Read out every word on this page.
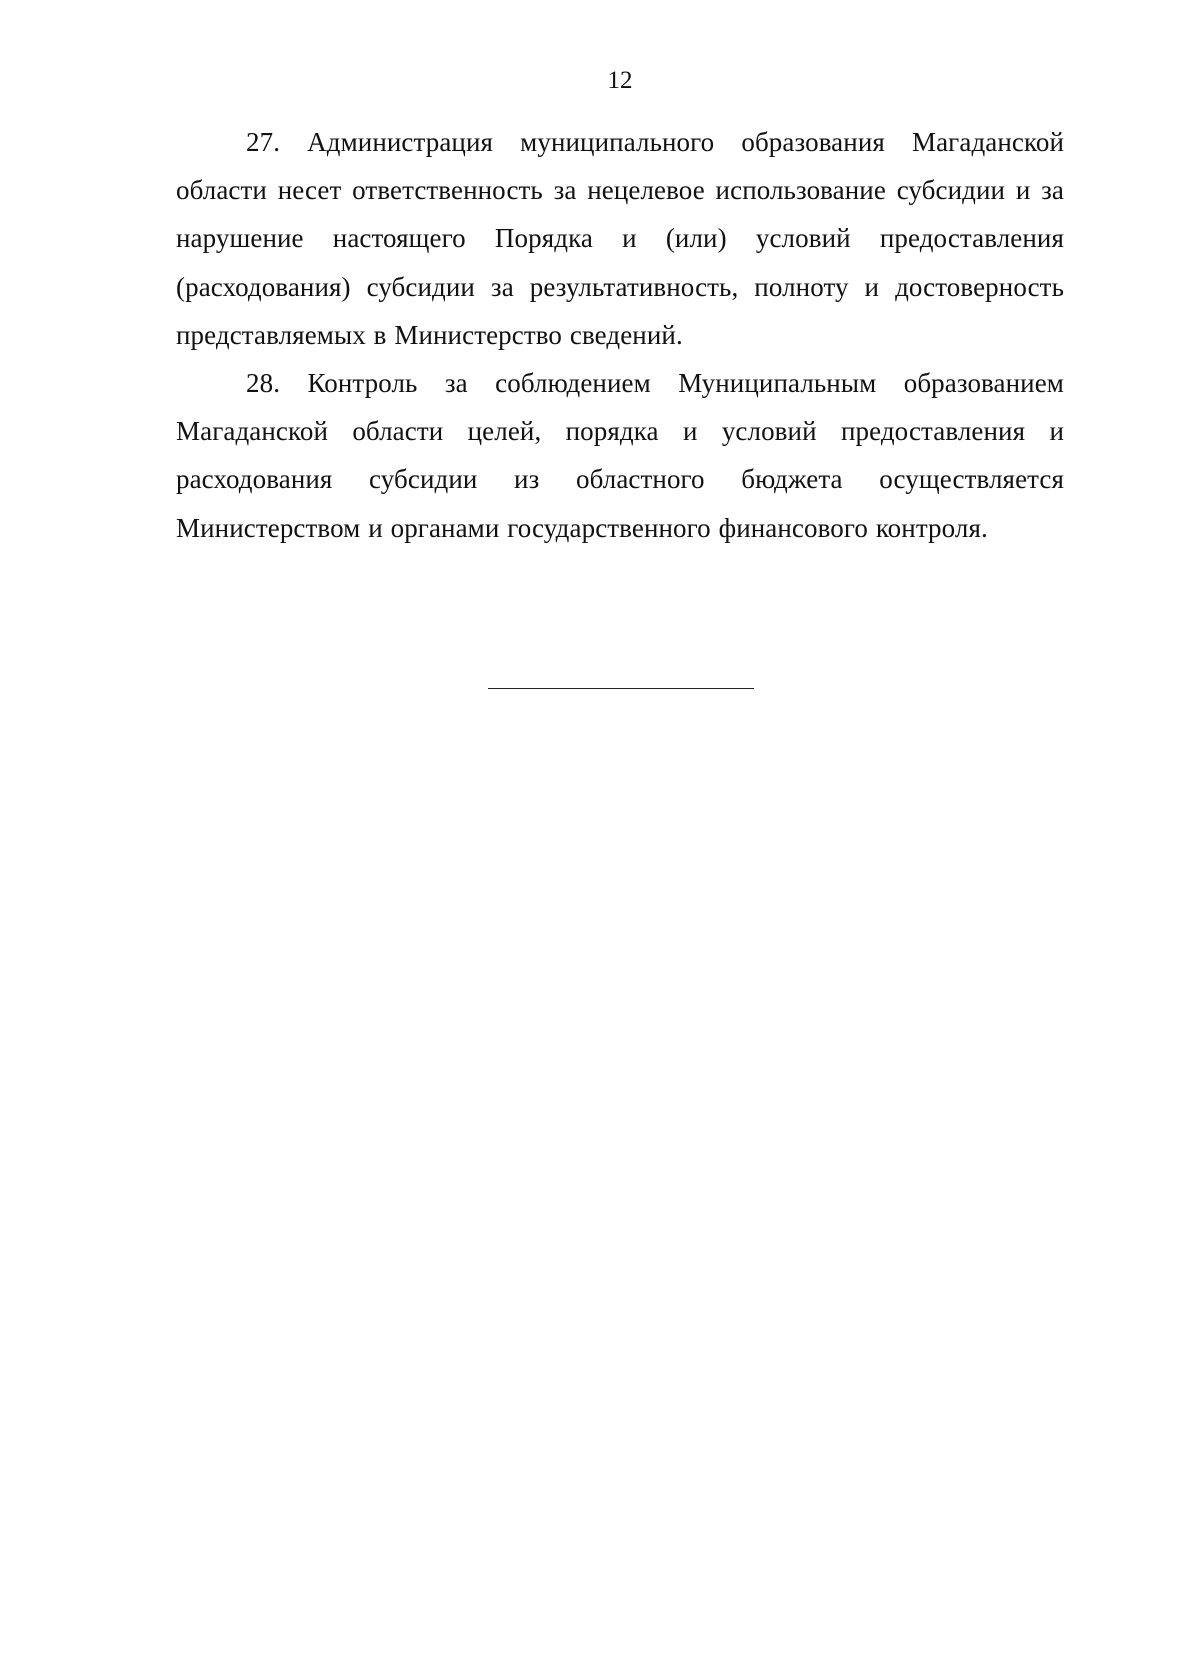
12

27. Администрация муниципального образования Магаданской области несет ответственность за нецелевое использование субсидии и за нарушение настоящего Порядка и (или) условий предоставления (расходования) субсидии за результативность, полноту и достоверность представляемых в Министерство сведений.

28. Контроль за соблюдением Муниципальным образованием Магаданской области целей, порядка и условий предоставления и расходования субсидии из областного бюджета осуществляется Министерством и органами государственного финансового контроля.
